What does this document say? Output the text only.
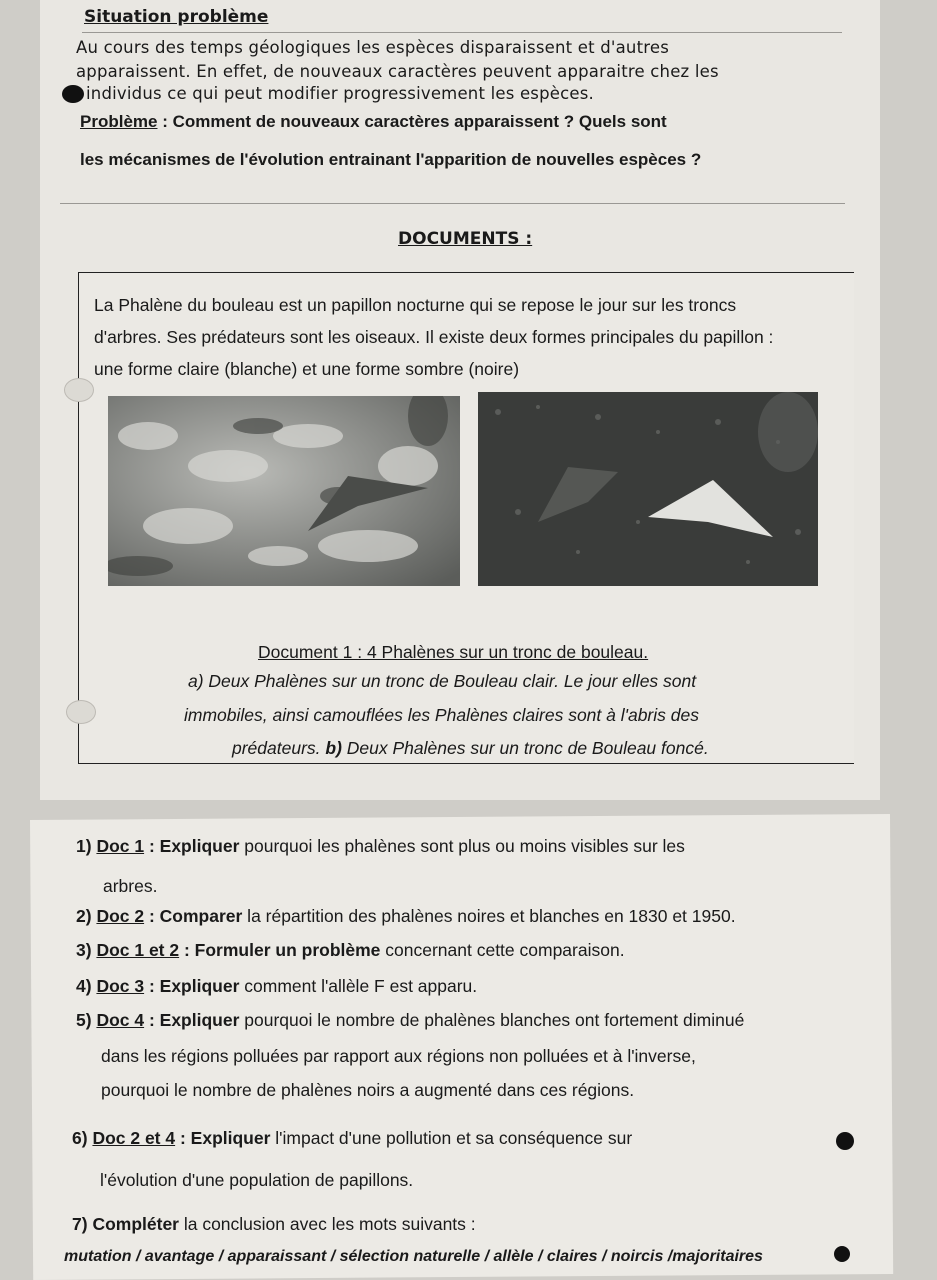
Situation problème
Au cours des temps géologiques les espèces disparaissent et d'autres
apparaissent. En effet, de nouveaux caractères peuvent apparaitre chez les
individus ce qui peut modifier progressivement les espèces.
Problème : Comment de nouveaux caractères apparaissent ? Quels sont
les mécanismes de l'évolution entrainant l'apparition de nouvelles espèces ?
DOCUMENTS :
La Phalène du bouleau est un papillon nocturne qui se repose le jour sur les troncs
d'arbres. Ses prédateurs sont les oiseaux. Il existe deux formes principales du papillon :
une forme claire (blanche) et une forme sombre (noire)
Document 1 : 4 Phalènes sur un tronc de bouleau.
a) Deux Phalènes sur un tronc de Bouleau clair. Le jour elles sont
immobiles, ainsi camouflées les Phalènes claires sont à l'abris des
prédateurs. b) Deux Phalènes sur un tronc de Bouleau foncé.
1) Doc 1 : Expliquer pourquoi les phalènes sont plus ou moins visibles sur les
arbres.
2) Doc 2 : Comparer la répartition des phalènes noires et blanches en 1830 et 1950.
3) Doc 1 et 2 : Formuler un problème concernant cette comparaison.
4) Doc 3 : Expliquer comment l'allèle F est apparu.
5) Doc 4 : Expliquer pourquoi le nombre de phalènes blanches ont fortement diminué
dans les régions polluées par rapport aux régions non polluées et à l'inverse,
pourquoi le nombre de phalènes noirs a augmenté dans ces régions.
6) Doc 2 et 4 : Expliquer l'impact d'une pollution et sa conséquence sur
l'évolution d'une population de papillons.
7) Compléter la conclusion avec les mots suivants :
mutation / avantage / apparaissant / sélection naturelle / allèle / claires / noircis /majoritaires
